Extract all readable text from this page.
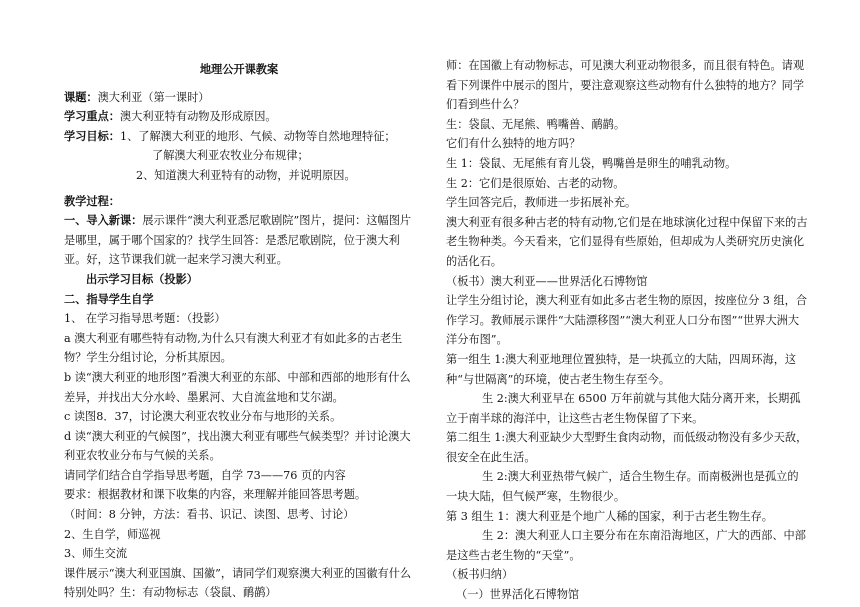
地理公开课教案
课题：澳大利亚（第一课时）
学习重点：澳大利亚特有动物及形成原因。
学习目标：1、了解澳大利亚的地形、气候、动物等自然地理特征；
了解澳大利亚农牧业分布规律；
2、知道澳大利亚特有的动物，并说明原因。
教学过程：
一、导入新课：展示课件“澳大利亚悉尼歌剧院”图片，提问：这幅图片是哪里，属于哪个国家的？找学生回答：是悉尼歌剧院，位于澳大利亚。好，这节课我们就一起来学习澳大利亚。
出示学习目标（投影）
二、指导学生自学
1、 在学习指导思考题：（投影）
a 澳大利亚有哪些特有动物,为什么只有澳大利亚才有如此多的古老生物？学生分组讨论，分析其原因。
b 读“澳大利亚的地形图”看澳大利亚的东部、中部和西部的地形有什么差异，并找出大分水岭、墨累河、大自流盆地和艾尔湖。
c 读图8．37，讨论澳大利亚农牧业分布与地形的关系。
d 读“澳大利亚的气候图”，找出澳大利亚有哪些气候类型？并讨论澳大利亚农牧业分布与气候的关系。
请同学们结合自学指导思考题，自学 73——76 页的内容
要求：根据教材和课下收集的内容，来理解并能回答思考题。
（时间：8 分钟，方法：看书、识记、读图、思考、讨论）
2、生自学，师巡视
3、师生交流
课件展示“澳大利亚国旗、国徽”，请同学们观察澳大利亚的国徽有什么特别处吗？生：有动物标志（袋鼠、鸸鹋）
师：在国徽上有动物标志，可见澳大利亚动物很多，而且很有特色。请观看下列课件中展示的图片，要注意观察这些动物有什么独特的地方？同学们看到些什么？
生：袋鼠、无尾熊、鸭嘴兽、鸸鹋。
它们有什么独特的地方吗？
生 1：袋鼠、无尾熊有育儿袋，鸭嘴兽是卵生的哺乳动物。
生 2：它们是很原始、古老的动物。
学生回答完后，教师进一步拓展补充。
澳大利亚有很多种古老的特有动物,它们是在地球演化过程中保留下来的古老生物种类。今天看来，它们显得有些原始，但却成为人类研究历史演化的活化石。
（板书）澳大利亚——世界活化石博物馆
让学生分组讨论，澳大利亚有如此多古老生物的原因，按座位分 3 组，合作学习。教师展示课件“大陆漂移图”“澳大利亚人口分布图”“世界大洲大洋分布图”。
第一组生 1:澳大利亚地理位置独特，是一块孤立的大陆，四周环海，这种“与世隔离”的环境，使古老生物生存至今。
生 2:澳大利亚早在 6500 万年前就与其他大陆分离开来，长期孤立于南半球的海洋中，让这些古老生物保留了下来。
第二组生 1:澳大利亚缺少大型野生食肉动物，而低级动物没有多少天敌，很安全在此生活。
生 2:澳大利亚热带气候广，适合生物生存。而南极洲也是孤立的一块大陆，但气候严寒，生物很少。
第 3 组生 1：澳大利亚是个地广人稀的国家，利于古老生物生存。
生 2：澳大利亚人口主要分布在东南沿海地区，广大的西部、中部是这些古老生物的“天堂”。
（板书归纳）
（一）世界活化石博物馆
